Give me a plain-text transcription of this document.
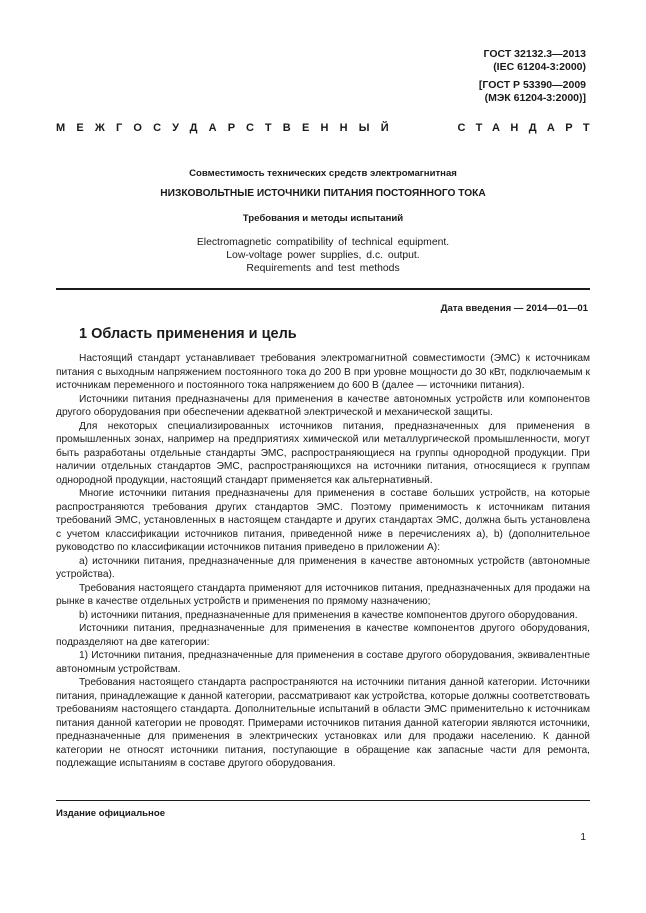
ГОСТ 32132.3—2013
(IEC 61204-3:2000)
[ГОСТ Р 53390—2009
(МЭК 61204-3:2000)]
МЕЖГОСУДАРСТВЕННЫЙ	СТАНДАРТ
Совместимость технических средств электромагнитная
НИЗКОВОЛЬТНЫЕ ИСТОЧНИКИ ПИТАНИЯ ПОСТОЯННОГО ТОКА
Требования и методы испытаний
Electromagnetic compatibility of technical equipment.
Low-voltage power supplies, d.c. output.
Requirements and test methods
Дата введения — 2014—01—01
1 Область применения и цель

Настоящий стандарт устанавливает требования электромагнитной совместимости (ЭМС) к источникам питания с выходным напряжением постоянного тока до 200 В при уровне мощности до 30 кВт, подключаемым к источникам переменного и постоянного тока напряжением до 600 В (далее — источники питания).

Источники питания предназначены для применения в качестве автономных устройств или компонентов другого оборудования при обеспечении адекватной электрической и механической защиты.

Для некоторых специализированных источников питания, предназначенных для применения в промышленных зонах, например на предприятиях химической или металлургической промышленности, могут быть разработаны отдельные стандарты ЭМС, распространяющиеся на группы однородной продукции. При наличии отдельных стандартов ЭМС, распространяющихся на источники питания, относящиеся к группам однородной продукции, настоящий стандарт применяется как альтернативный.

Многие источники питания предназначены для применения в составе больших устройств, на которые распространяются требования других стандартов ЭМС. Поэтому применимость к источникам питания требований ЭМС, установленных в настоящем стандарте и других стандартах ЭМС, должна быть установлена с учетом классификации источников питания, приведенной ниже в перечислениях а), b) (дополнительное руководство по классификации источников питания приведено в приложении А):

a) источники питания, предназначенные для применения в качестве автономных устройств (автономные устройства).

Требования настоящего стандарта применяют для источников питания, предназначенных для продажи на рынке в качестве отдельных устройств и применения по прямому назначению;

b) источники питания, предназначенные для применения в качестве компонентов другого оборудования.

Источники питания, предназначенные для применения в качестве компонентов другого оборудования, подразделяют на две категории:

1) Источники питания, предназначенные для применения в составе другого оборудования, эквивалентные автономным устройствам.

Требования настоящего стандарта распространяются на источники питания данной категории. Источники питания, принадлежащие к данной категории, рассматривают как устройства, которые должны соответствовать требованиям настоящего стандарта. Дополнительные испытаний в области ЭМС применительно к источникам питания данной категории не проводят. Примерами источников питания данной категории являются источники, предназначенные для применения в электрических установках или для продажи населению. К данной категории не относят источники питания, поступающие в обращение как запасные части для ремонта, подлежащие испытаниям в составе другого оборудования.

Издание официальное
1
